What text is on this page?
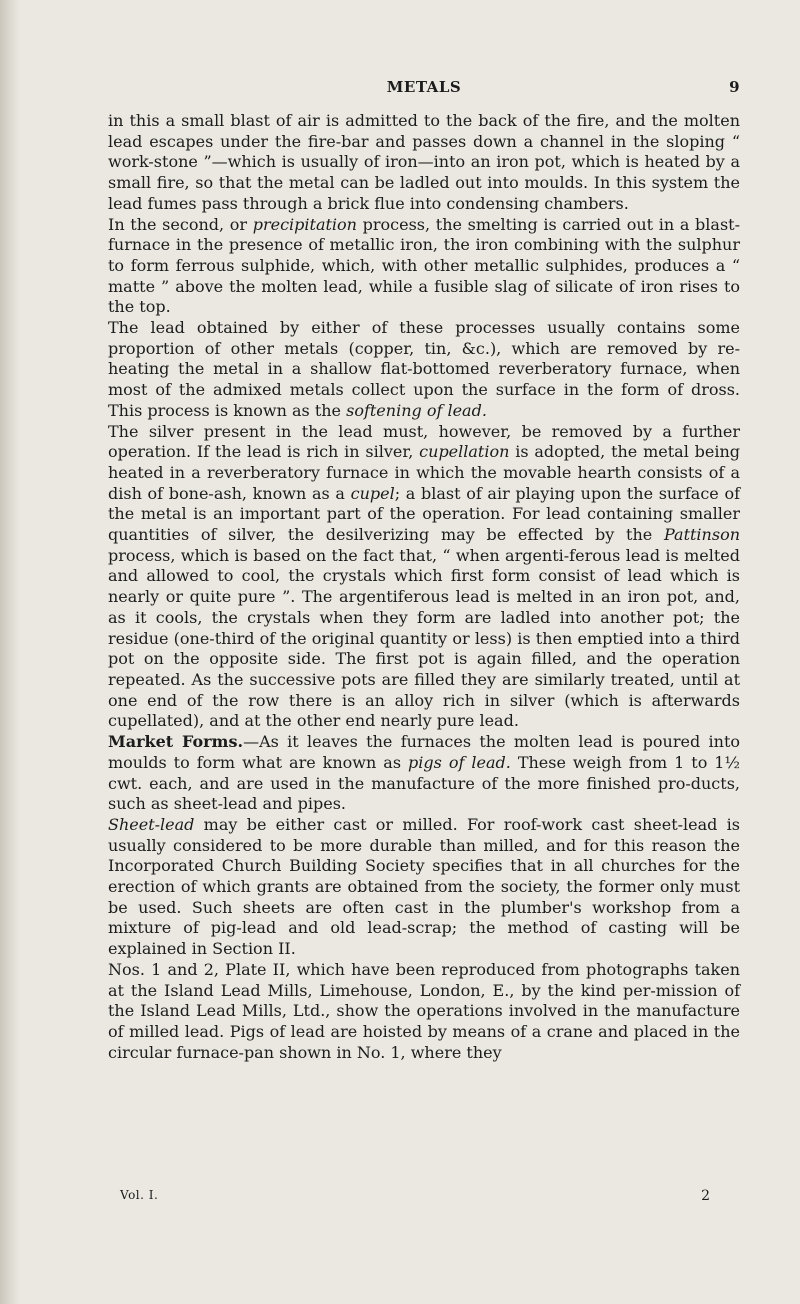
METALS	9

in this a small blast of air is admitted to the back of the fire, and the molten lead escapes under the fire-bar and passes down a channel in the sloping “ work-stone ”—which is usually of iron—into an iron pot, which is heated by a small fire, so that the metal can be ladled out into moulds. In this system the lead fumes pass through a brick flue into condensing chambers.

In the second, or precipitation process, the smelting is carried out in a blast-furnace in the presence of metallic iron, the iron combining with the sulphur to form ferrous sulphide, which, with other metallic sulphides, produces a “ matte ” above the molten lead, while a fusible slag of silicate of iron rises to the top.

The lead obtained by either of these processes usually contains some proportion of other metals (copper, tin, &c.), which are removed by re-heating the metal in a shallow flat-bottomed reverberatory furnace, when most of the admixed metals collect upon the surface in the form of dross. This process is known as the softening of lead.

The silver present in the lead must, however, be removed by a further operation. If the lead is rich in silver, cupellation is adopted, the metal being heated in a reverberatory furnace in which the movable hearth consists of a dish of bone-ash, known as a cupel; a blast of air playing upon the surface of the metal is an important part of the operation. For lead containing smaller quantities of silver, the desilverizing may be effected by the Pattinson process, which is based on the fact that, “ when argenti-ferous lead is melted and allowed to cool, the crystals which first form consist of lead which is nearly or quite pure ”. The argentiferous lead is melted in an iron pot, and, as it cools, the crystals when they form are ladled into another pot; the residue (one-third of the original quantity or less) is then emptied into a third pot on the opposite side. The first pot is again filled, and the operation repeated. As the successive pots are filled they are similarly treated, until at one end of the row there is an alloy rich in silver (which is afterwards cupellated), and at the other end nearly pure lead.

Market Forms.—As it leaves the furnaces the molten lead is poured into moulds to form what are known as pigs of lead. These weigh from 1 to 1½ cwt. each, and are used in the manufacture of the more finished pro-ducts, such as sheet-lead and pipes.

Sheet-lead may be either cast or milled. For roof-work cast sheet-lead is usually considered to be more durable than milled, and for this reason the Incorporated Church Building Society specifies that in all churches for the erection of which grants are obtained from the society, the former only must be used. Such sheets are often cast in the plumber's workshop from a mixture of pig-lead and old lead-scrap; the method of casting will be explained in Section II.

Nos. 1 and 2, Plate II, which have been reproduced from photographs taken at the Island Lead Mills, Limehouse, London, E., by the kind per-mission of the Island Lead Mills, Ltd., show the operations involved in the manufacture of milled lead. Pigs of lead are hoisted by means of a crane and placed in the circular furnace-pan shown in No. 1, where they

Vol. I.	2
